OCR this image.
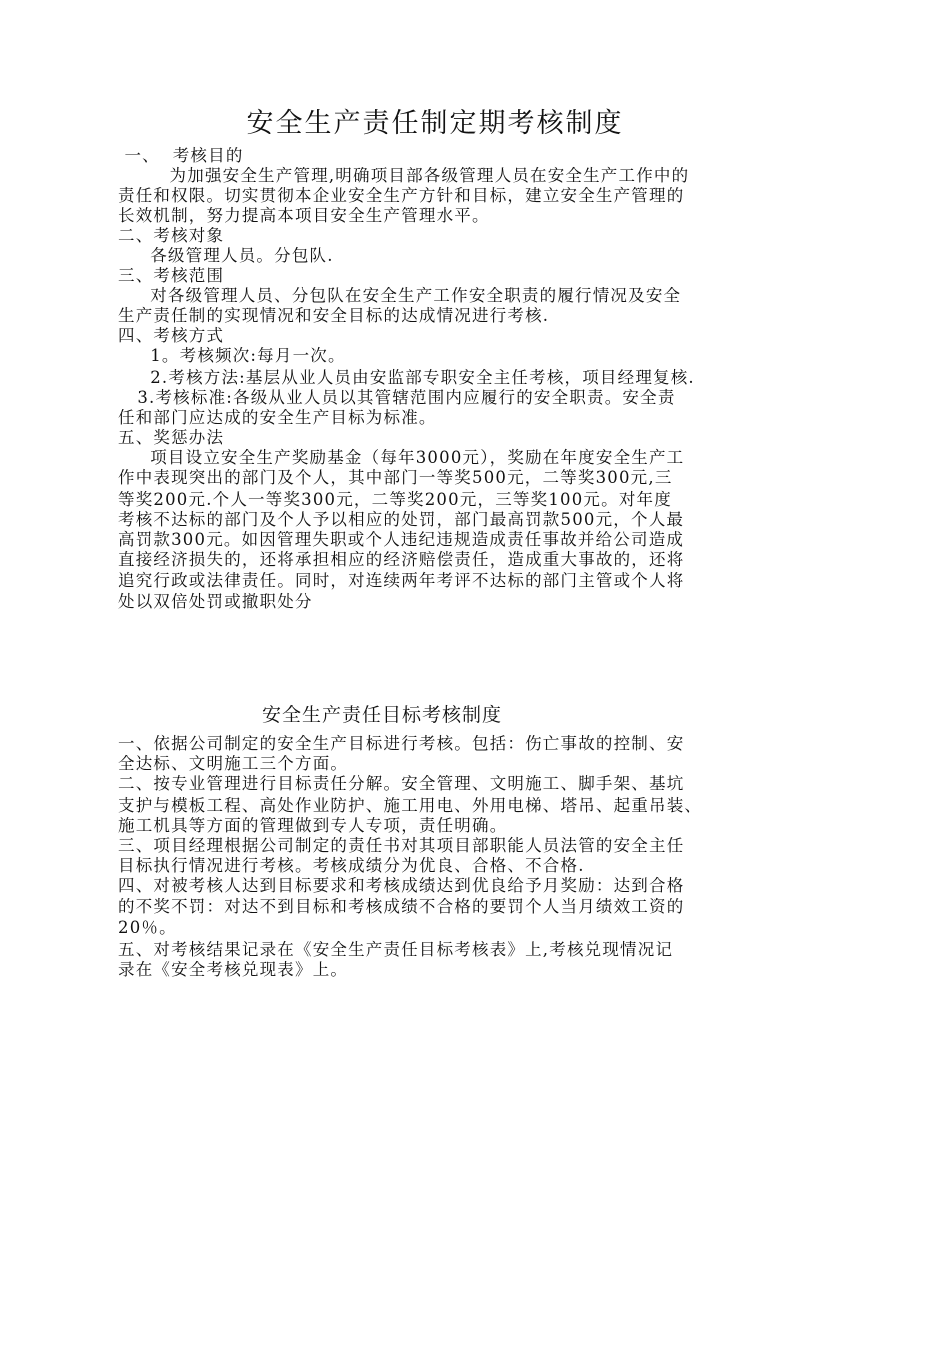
安全生产责任制定期考核制度
一、  考核目的
为加强安全生产管理,明确项目部各级管理人员在安全生产工作中的
责任和权限。切实贯彻本企业安全生产方针和目标，建立安全生产管理的
长效机制，努力提高本项目安全生产管理水平。
二、考核对象
各级管理人员。分包队.
三、考核范围
对各级管理人员、分包队在安全生产工作安全职责的履行情况及安全
生产责任制的实现情况和安全目标的达成情况进行考核.
四、考核方式
1。考核频次:每月一次。
2.考核方法:基层从业人员由安监部专职安全主任考核，项目经理复核.
3.考核标准:各级从业人员以其管辖范围内应履行的安全职责。安全责
任和部门应达成的安全生产目标为标准。
五、奖惩办法
项目设立安全生产奖励基金（每年3000元），奖励在年度安全生产工
作中表现突出的部门及个人，其中部门一等奖500元，二等奖300元,三
等奖200元.个人一等奖300元，二等奖200元，三等奖100元。对年度
考核不达标的部门及个人予以相应的处罚，部门最高罚款500元，个人最
高罚款300元。如因管理失职或个人违纪违规造成责任事故并给公司造成
直接经济损失的，还将承担相应的经济赔偿责任，造成重大事故的，还将
追究行政或法律责任。同时，对连续两年考评不达标的部门主管或个人将
处以双倍处罚或撤职处分
安全生产责任目标考核制度
一、依据公司制定的安全生产目标进行考核。包括：伤亡事故的控制、安
全达标、文明施工三个方面。
二、按专业管理进行目标责任分解。安全管理、文明施工、脚手架、基坑
支护与模板工程、高处作业防护、施工用电、外用电梯、塔吊、起重吊装、
施工机具等方面的管理做到专人专项，责任明确。
三、项目经理根据公司制定的责任书对其项目部职能人员法管的安全主任
目标执行情况进行考核。考核成绩分为优良、合格、不合格.
四、对被考核人达到目标要求和考核成绩达到优良给予月奖励：达到合格
的不奖不罚：对达不到目标和考核成绩不合格的要罚个人当月绩效工资的
20％。
五、对考核结果记录在《安全生产责任目标考核表》上,考核兑现情况记
录在《安全考核兑现表》上。
